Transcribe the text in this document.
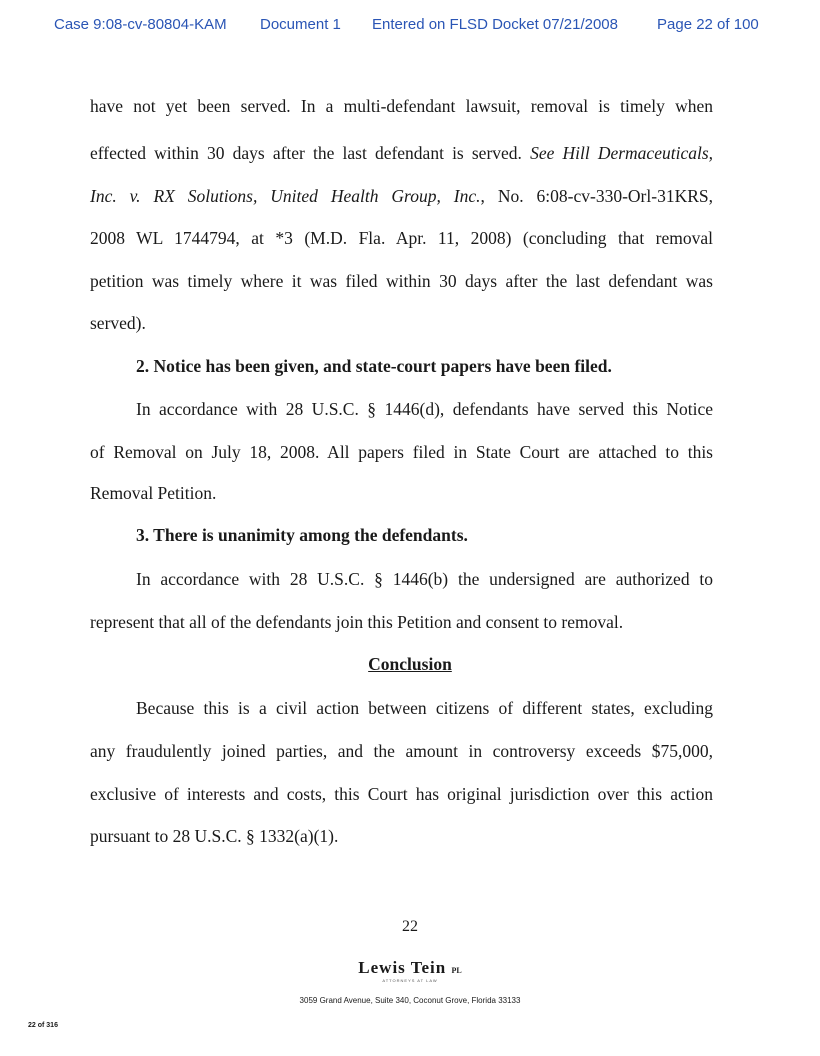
Case 9:08-cv-80804-KAM Document 1 Entered on FLSD Docket 07/21/2008	Page 22 of 100
have not yet been served. In a multi-defendant lawsuit, removal is timely when
effected within 30 days after the last defendant is served. See Hill Dermaceuticals,
Inc. v. RX Solutions, United Health Group, Inc., No. 6:08-cv-330-Orl-31KRS,
2008 WL 1744794, at *3 (M.D. Fla. Apr. 11, 2008) (concluding that removal
petition was timely where it was filed within 30 days after the last defendant was
served).
2. Notice has been given, and state-court papers have been filed.
In accordance with 28 U.S.C. § 1446(d), defendants have served this Notice
of Removal on July 18, 2008. All papers filed in State Court are attached to this
Removal Petition.
3. There is unanimity among the defendants.
In accordance with 28 U.S.C. § 1446(b) the undersigned are authorized to
represent that all of the defendants join this Petition and consent to removal.
Conclusion
Because this is a civil action between citizens of different states, excluding
any fraudulently joined parties, and the amount in controversy exceeds $75,000,
exclusive of interests and costs, this Court has original jurisdiction over this action
pursuant to 28 U.S.C. § 1332(a)(1).
22
Lewis Tein PL
ATTORNEYS AT LAW
3059 Grand Avenue, Suite 340, Coconut Grove, Florida 33133
22 of 316
